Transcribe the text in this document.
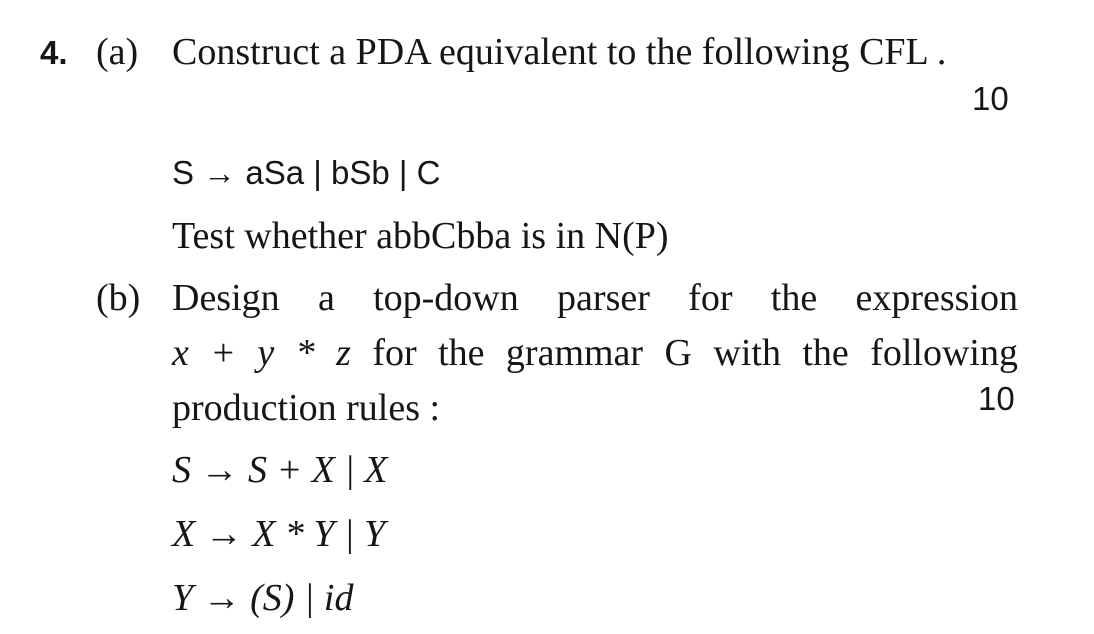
4. (a) Construct a PDA equivalent to the following CFL .
10
S → aSa | bSb | C
Test whether abbCbba is in N(P)
(b) Design a top-down parser for the expression
x + y * z for the grammar G with the following
production rules :	10
S → S + X | X
X → X * Y | Y
Y → (S) | id
